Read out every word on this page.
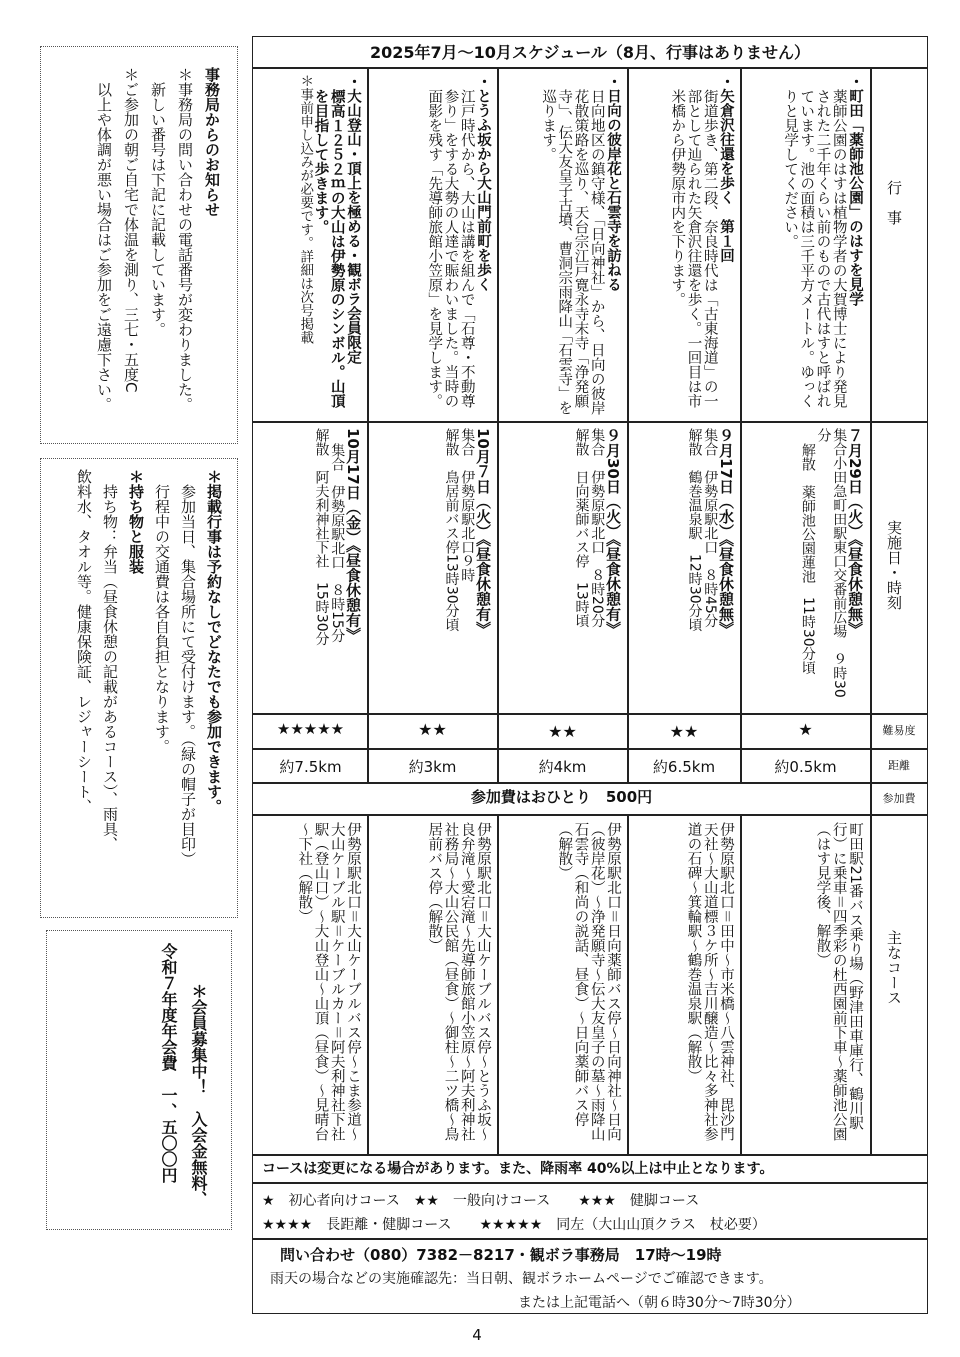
事務局からのお知らせ
＊事務局の問い合わせの電話番号が変わりました。
新しい番号は下記に記載しています。
＊ご参加の朝ご自宅で体温を測り、三七・五度C
以上や体調が悪い場合はご参加をご遠慮下さい。
＊掲載行事は予約なしでどなたでも参加できます。
参加当日、集合場所にて受付けます。（緑の帽子が目印）
行程中の交通費は各自負担となります。
＊持ち物と服装
持ち物：弁当（昼食休憩の記載があるコース）、雨具、
飲料水、タオル等。健康保険証、レジャーシート、
＊会員募集中！　入会金無料、
令和７年度年会費　一、五〇〇円
2025年7月～10月スケジュール（8月、行事はありません）
行　事
実施日・時刻
難易度
距離
参加費
主なコース
参加費はおひとり　500円
・町田「薬師池公園」のはすを見学
薬師公園のはすは植物学者の大賀博士により発見された二千年くらい前のもので古代はすと呼ばれています。池の面積は三千平方メートル。ゆっくりと見学してください。
７月29日（火）《昼食休憩無》
集合小田急町田駅東口交番前広場　９時30分
解散　薬師池公園蓮池　11時30分頃
★
約0.5km
町田駅21番バス乗り場（野津田車庫行、鶴川駅行）に乗車＝四季彩の杜西園前下車～薬師池公園（はす見学後、解散）
・矢倉沢往還を歩く　第１回
街道歩き、第二段、奈良時代は「古東海道」の一部として辿られた矢倉沢往還を歩く。一回目は市米橋から伊勢原市内を下ります。
９月17日（水）《昼食休憩無》
集合　伊勢原駅北口　８時45分
解散　鶴巻温泉駅　12時30分頃
★★
約6.5km
伊勢原駅北口＝田中～市米橋～八雲神社、毘沙門天社～大山道標３ケ所～吉川醸造～比々多神社参道の石碑～箕輪駅～鶴巻温泉駅（解散）
・日向の彼岸花と石雲寺を訪ねる
日向地区の鎮守様、「日向神社」から、日向の彼岸花散策路を巡り、天台宗江戸寛永寺末寺「浄発願寺」、伝大友皇子古墳、曹洞宗雨降山「石雲寺」を巡ります。
９月30日（火）《昼食休憩有》
集合　伊勢原駅北口　８時20分
解散　日向薬師バス停　13時頃
★★
約4km
伊勢原駅北口＝日向薬師バス停～日向神社～日向（彼岸花）～浄発願寺～伝大友皇子の墓～雨降山石雲寺（和尚の説話、昼食）～日向薬師バス停（解散）
・とうふ坂から大山門前町を歩く
江戸時代から、大山は講を組んで「石尊・不動尊参り」をする大勢の人達で賑わいました。当時の面影を残す「先導師旅館小笠原」を見学します。
10月７日（火）《昼食休憩有》
集合　伊勢原駅北口９時
解散　鳥居前バス停13時30分頃
★★
約3km
伊勢原駅北口＝大山ケーブルバス停～とうふ坂～良弁滝～愛宕滝～先導師旅館小笠原～阿夫利神社社務局～大山公民館（昼食）～御柱～二ツ橋～鳥居前バス停（解散）
・大山登山・頂上を極める・観ボラ会員限定
標高１２５２ｍの大山は伊勢原のシンボル。山頂を目指して歩きます。
＊事前申し込みが必要です。詳細は次号掲載
10月17日（金）《昼食休憩有》
集合　伊勢原駅北口　８時15分
解散　阿夫利神社下社　15時30分
★★★★★
約7.5km
伊勢原駅北口＝大山ケーブルバス停～こま参道～大山ケーブル駅＝ケーブルカー＝阿夫利神社下社駅（登山口）～大山登山～山頂（昼食）～見晴台～下社（解散）
コースは変更になる場合があります。また、降雨率 40%以上は中止となります。
★　初心者向けコース　★★　一般向けコース　　★★★　健脚コース
★★★★　長距離・健脚コース　　★★★★★　同左（大山山頂クラス　杖必要）
問い合わせ（080）7382－8217・観ボラ事務局　17時～19時
雨天の場合などの実施確認先：当日朝、観ボラホームページでご確認できます。
または上記電話へ（朝６時30分～7時30分）
4
